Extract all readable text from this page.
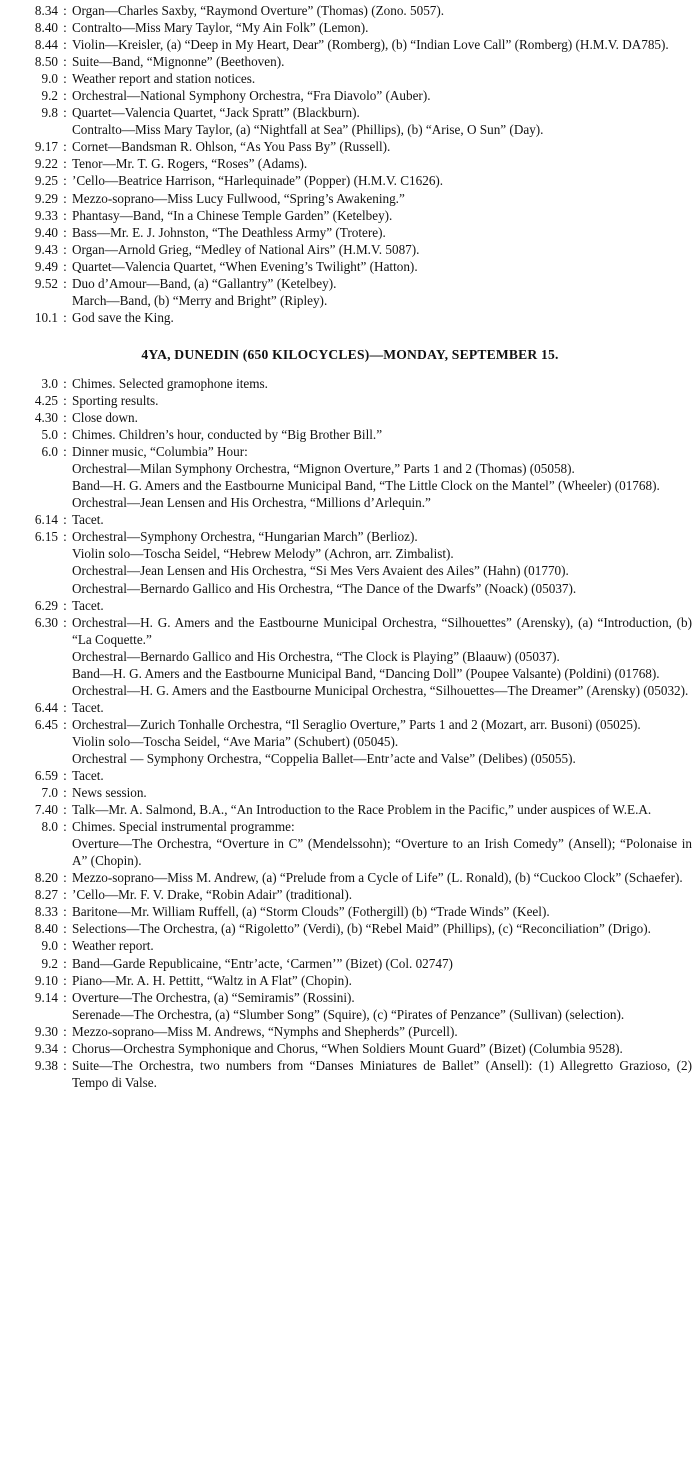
8.34 : Organ—Charles Saxby, “Raymond Overture” (Thomas) (Zono. 5057).
8.40 : Contralto—Miss Mary Taylor, “My Ain Folk” (Lemon).
8.44 : Violin—Kreisler, (a) “Deep in My Heart, Dear” (Romberg), (b) “Indian Love Call” (Romberg) (H.M.V. DA785).
8.50 : Suite—Band, “Mignonne” (Beethoven).
9.0 : Weather report and station notices.
9.2 : Orchestral—National Symphony Orchestra, “Fra Diavolo” (Auber).
9.8 : Quartet—Valencia Quartet, “Jack Spratt” (Blackburn).
Contralto—Miss Mary Taylor, (a) “Nightfall at Sea” (Phillips), (b) “Arise, O Sun” (Day).
9.17 : Cornet—Bandsman R. Ohlson, “As You Pass By” (Russell).
9.22 : Tenor—Mr. T. G. Rogers, “Roses” (Adams).
9.25 : ’Cello—Beatrice Harrison, “Harlequinade” (Popper) (H.M.V. C1626).
9.29 : Mezzo-soprano—Miss Lucy Fullwood, “Spring’s Awakening.”
9.33 : Phantasy—Band, “In a Chinese Temple Garden” (Ketelbey).
9.40 : Bass—Mr. E. J. Johnston, “The Deathless Army” (Trotere).
9.43 : Organ—Arnold Grieg, “Medley of National Airs” (H.M.V. 5087).
9.49 : Quartet—Valencia Quartet, “When Evening’s Twilight” (Hatton).
9.52 : Duo d’Amour—Band, (a) “Gallantry” (Ketelbey).
March—Band, (b) “Merry and Bright” (Ripley).
10.1 : God save the King.
4YA, DUNEDIN (650 KILOCYCLES)—MONDAY, SEPTEMBER 15.
3.0 : Chimes. Selected gramophone items.
4.25 : Sporting results.
4.30 : Close down.
5.0 : Chimes. Children’s hour, conducted by “Big Brother Bill.”
6.0 : Dinner music, “Columbia” Hour:
Orchestral—Milan Symphony Orchestra, “Mignon Overture,” Parts 1 and 2 (Thomas) (05058).
Band—H. G. Amers and the Eastbourne Municipal Band, “The Little Clock on the Mantel” (Wheeler) (01768).
Orchestral—Jean Lensen and His Orchestra, “Millions d’Arlequin.”
6.14 : Tacet.
6.15 : Orchestral—Symphony Orchestra, “Hungarian March” (Berlioz).
Violin solo—Toscha Seidel, “Hebrew Melody” (Achron, arr. Zimbalist).
Orchestral—Jean Lensen and His Orchestra, “Si Mes Vers Avaient des Ailes” (Hahn) (01770).
Orchestral—Bernardo Gallico and His Orchestra, “The Dance of the Dwarfs” (Noack) (05037).
6.29 : Tacet.
6.30 : Orchestral—H. G. Amers and the Eastbourne Municipal Orchestra, “Silhouettes” (Arensky), (a) “Introduction, (b) “La Coquette.”
Orchestral—Bernardo Gallico and His Orchestra, “The Clock is Playing” (Blaauw) (05037).
Band—H. G. Amers and the Eastbourne Municipal Band, “Dancing Doll” (Poupee Valsante) (Poldini) (01768).
Orchestral—H. G. Amers and the Eastbourne Municipal Orchestra, “Silhouettes—The Dreamer” (Arensky) (05032).
6.44 : Tacet.
6.45 : Orchestral—Zurich Tonhalle Orchestra, “Il Seraglio Overture,” Parts 1 and 2 (Mozart, arr. Busoni) (05025).
Violin solo—Toscha Seidel, “Ave Maria” (Schubert) (05045).
Orchestral — Symphony Orchestra, “Coppelia Ballet—Entr’acte and Valse” (Delibes) (05055).
6.59 : Tacet.
7.0 : News session.
7.40 : Talk—Mr. A. Salmond, B.A., “An Introduction to the Race Problem in the Pacific,” under auspices of W.E.A.
8.0 : Chimes. Special instrumental programme:
Overture—The Orchestra, “Overture in C” (Mendelssohn); “Overture to an Irish Comedy” (Ansell); “Polonaise in A” (Chopin).
8.20 : Mezzo-soprano—Miss M. Andrew, (a) “Prelude from a Cycle of Life” (L. Ronald), (b) “Cuckoo Clock” (Schaefer).
8.27 : ’Cello—Mr. F. V. Drake, “Robin Adair” (traditional).
8.33 : Baritone—Mr. William Ruffell, (a) “Storm Clouds” (Fothergill) (b) “Trade Winds” (Keel).
8.40 : Selections—The Orchestra, (a) “Rigoletto” (Verdi), (b) “Rebel Maid” (Phillips), (c) “Reconciliation” (Drigo).
9.0 : Weather report.
9.2 : Band—Garde Republicaine, “Entr’acte, ‘Carmen’” (Bizet) (Col. 02747)
9.10 : Piano—Mr. A. H. Pettitt, “Waltz in A Flat” (Chopin).
9.14 : Overture—The Orchestra, (a) “Semiramis” (Rossini).
Serenade—The Orchestra, (a) “Slumber Song” (Squire), (c) “Pirates of Penzance” (Sullivan) (selection).
9.30 : Mezzo-soprano—Miss M. Andrews, “Nymphs and Shepherds” (Purcell).
9.34 : Chorus—Orchestra Symphonique and Chorus, “When Soldiers Mount Guard” (Bizet) (Columbia 9528).
9.38 : Suite—The Orchestra, two numbers from “Danses Miniatures de Ballet” (Ansell): (1) Allegretto Grazioso, (2) Tempo di Valse.
